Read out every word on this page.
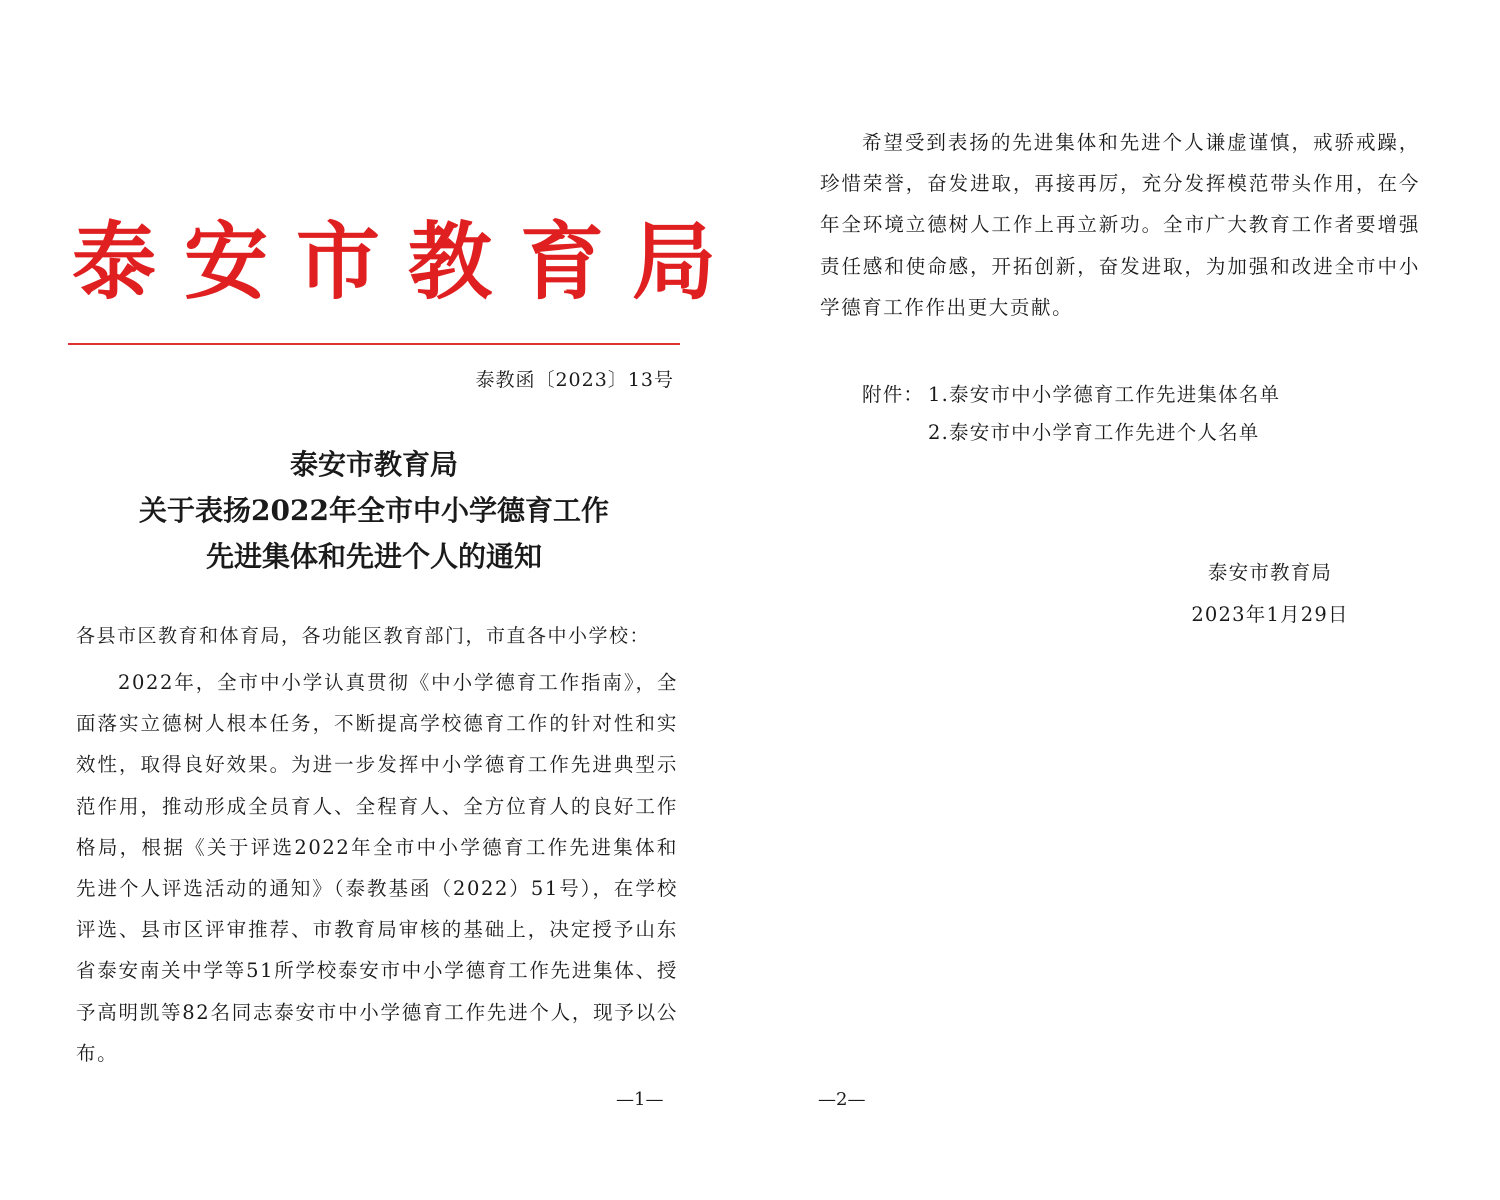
泰安市教育局
泰教函〔2023〕13号
泰安市教育局
关于表扬2022年全市中小学德育工作
先进集体和先进个人的通知
各县市区教育和体育局，各功能区教育部门，市直各中小学校：
2022年，全市中小学认真贯彻《中小学德育工作指南》，全面落实立德树人根本任务，不断提高学校德育工作的针对性和实效性，取得良好效果。为进一步发挥中小学德育工作先进典型示范作用，推动形成全员育人、全程育人、全方位育人的良好工作格局，根据《关于评选2022年全市中小学德育工作先进集体和先进个人评选活动的通知》（泰教基函（2022）51号），在学校评选、县市区评审推荐、市教育局审核的基础上，决定授予山东省泰安南关中学等51所学校泰安市中小学德育工作先进集体、授予高明凯等82名同志泰安市中小学德育工作先进个人，现予以公布。
—1—
希望受到表扬的先进集体和先进个人谦虚谨慎，戒骄戒躁，珍惜荣誉，奋发进取，再接再厉，充分发挥模范带头作用，在今年全环境立德树人工作上再立新功。全市广大教育工作者要增强责任感和使命感，开拓创新，奋发进取，为加强和改进全市中小学德育工作作出更大贡献。
附件： 1.泰安市中小学德育工作先进集体名单
2.泰安市中小学育工作先进个人名单
泰安市教育局
2023年1月29日
—2—
